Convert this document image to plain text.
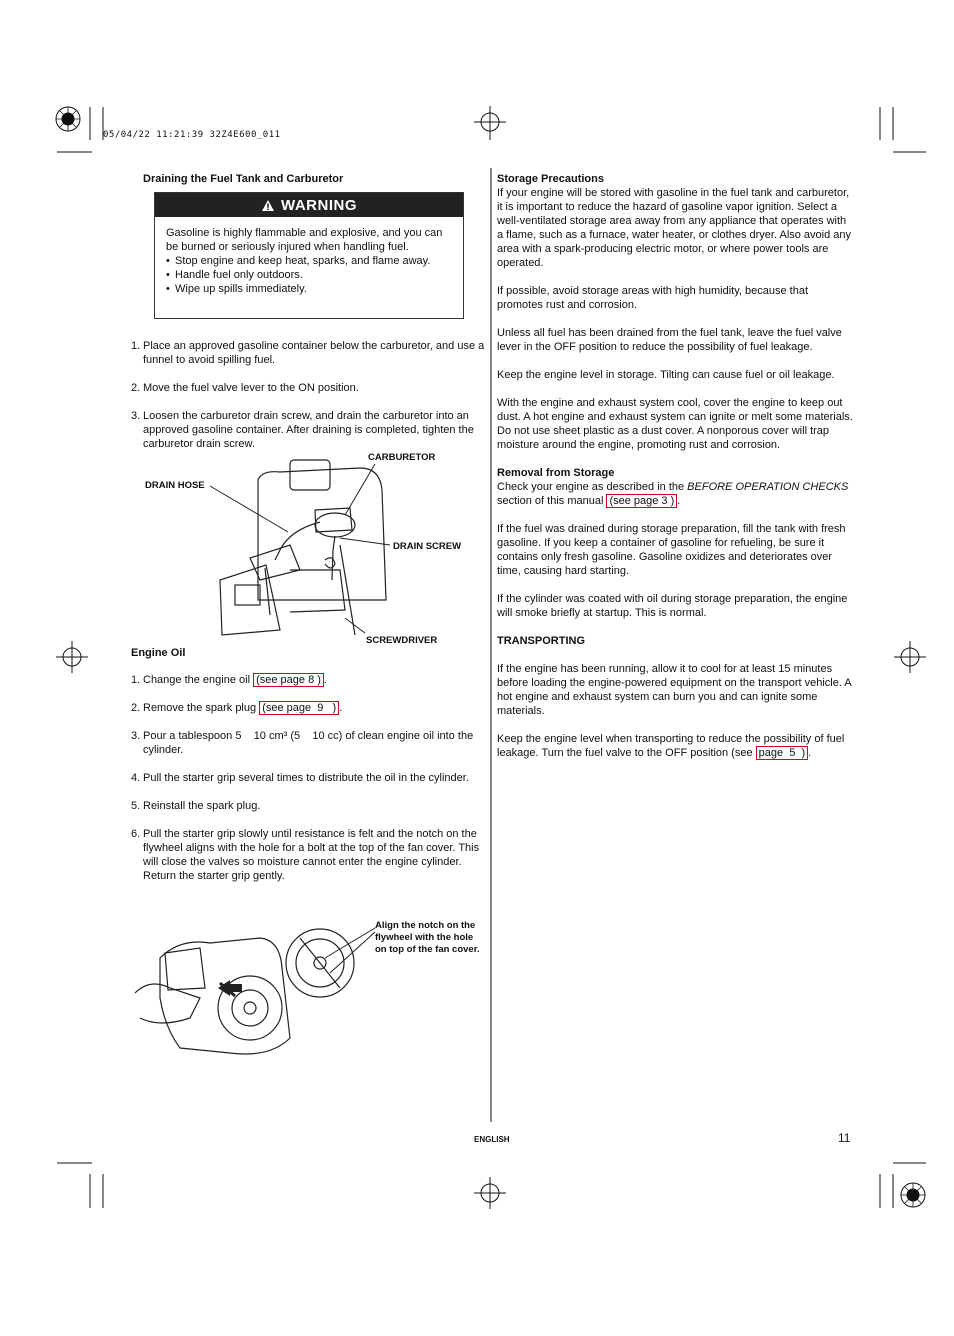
05/04/22 11:21:39 32Z4E600_011
Draining the Fuel Tank and Carburetor
WARNING
Gasoline is highly flammable and explosive, and you can be burned or seriously injured when handling fuel.
• Stop engine and keep heat, sparks, and flame away.
• Handle fuel only outdoors.
• Wipe up spills immediately.
1. Place an approved gasoline container below the carburetor, and use a funnel to avoid spilling fuel.
2. Move the fuel valve lever to the ON position.
3. Loosen the carburetor drain screw, and drain the carburetor into an approved gasoline container. After draining is completed, tighten the carburetor drain screw.
CARBURETOR
DRAIN HOSE
DRAIN SCREW
SCREWDRIVER
Engine Oil
1. Change the engine oil (see page 8 ) .
2. Remove the spark plug (see page  9   ) .
3. Pour a tablespoon 5    10 cm³ (5    10 cc) of clean engine oil into the cylinder.
4. Pull the starter grip several times to distribute the oil in the cylinder.
5. Reinstall the spark plug.
6. Pull the starter grip slowly until resistance is felt and the notch on the flywheel aligns with the hole for a bolt at the top of the fan cover. This will close the valves so moisture cannot enter the engine cylinder. Return the starter grip gently.
Align the notch on the flywheel with the hole on top of the fan cover.
Storage Precautions
If your engine will be stored with gasoline in the fuel tank and carburetor, it is important to reduce the hazard of gasoline vapor ignition. Select a well-ventilated storage area away from any appliance that operates with a flame, such as a furnace, water heater, or clothes dryer. Also avoid any area with a spark-producing electric motor, or where power tools are operated.
If possible, avoid storage areas with high humidity, because that promotes rust and corrosion.
Unless all fuel has been drained from the fuel tank, leave the fuel valve lever in the OFF position to reduce the possibility of fuel leakage.
Keep the engine level in storage. Tilting can cause fuel or oil leakage.
With the engine and exhaust system cool, cover the engine to keep out dust. A hot engine and exhaust system can ignite or melt some materials. Do not use sheet plastic as a dust cover. A nonporous cover will trap moisture around the engine, promoting rust and corrosion.
Removal from Storage
Check your engine as described in the BEFORE OPERATION CHECKS section of this manual (see page 3 ) .
If the fuel was drained during storage preparation, fill the tank with fresh gasoline. If you keep a container of gasoline for refueling, be sure it contains only fresh gasoline. Gasoline oxidizes and deteriorates over time, causing hard starting.
If the cylinder was coated with oil during storage preparation, the engine will smoke briefly at startup. This is normal.
TRANSPORTING
If the engine has been running, allow it to cool for at least 15 minutes before loading the engine-powered equipment on the transport vehicle. A hot engine and exhaust system can burn you and can ignite some materials.
Keep the engine level when transporting to reduce the possibility of fuel leakage. Turn the fuel valve to the OFF position (see page  5  ) .
ENGLISH	11
